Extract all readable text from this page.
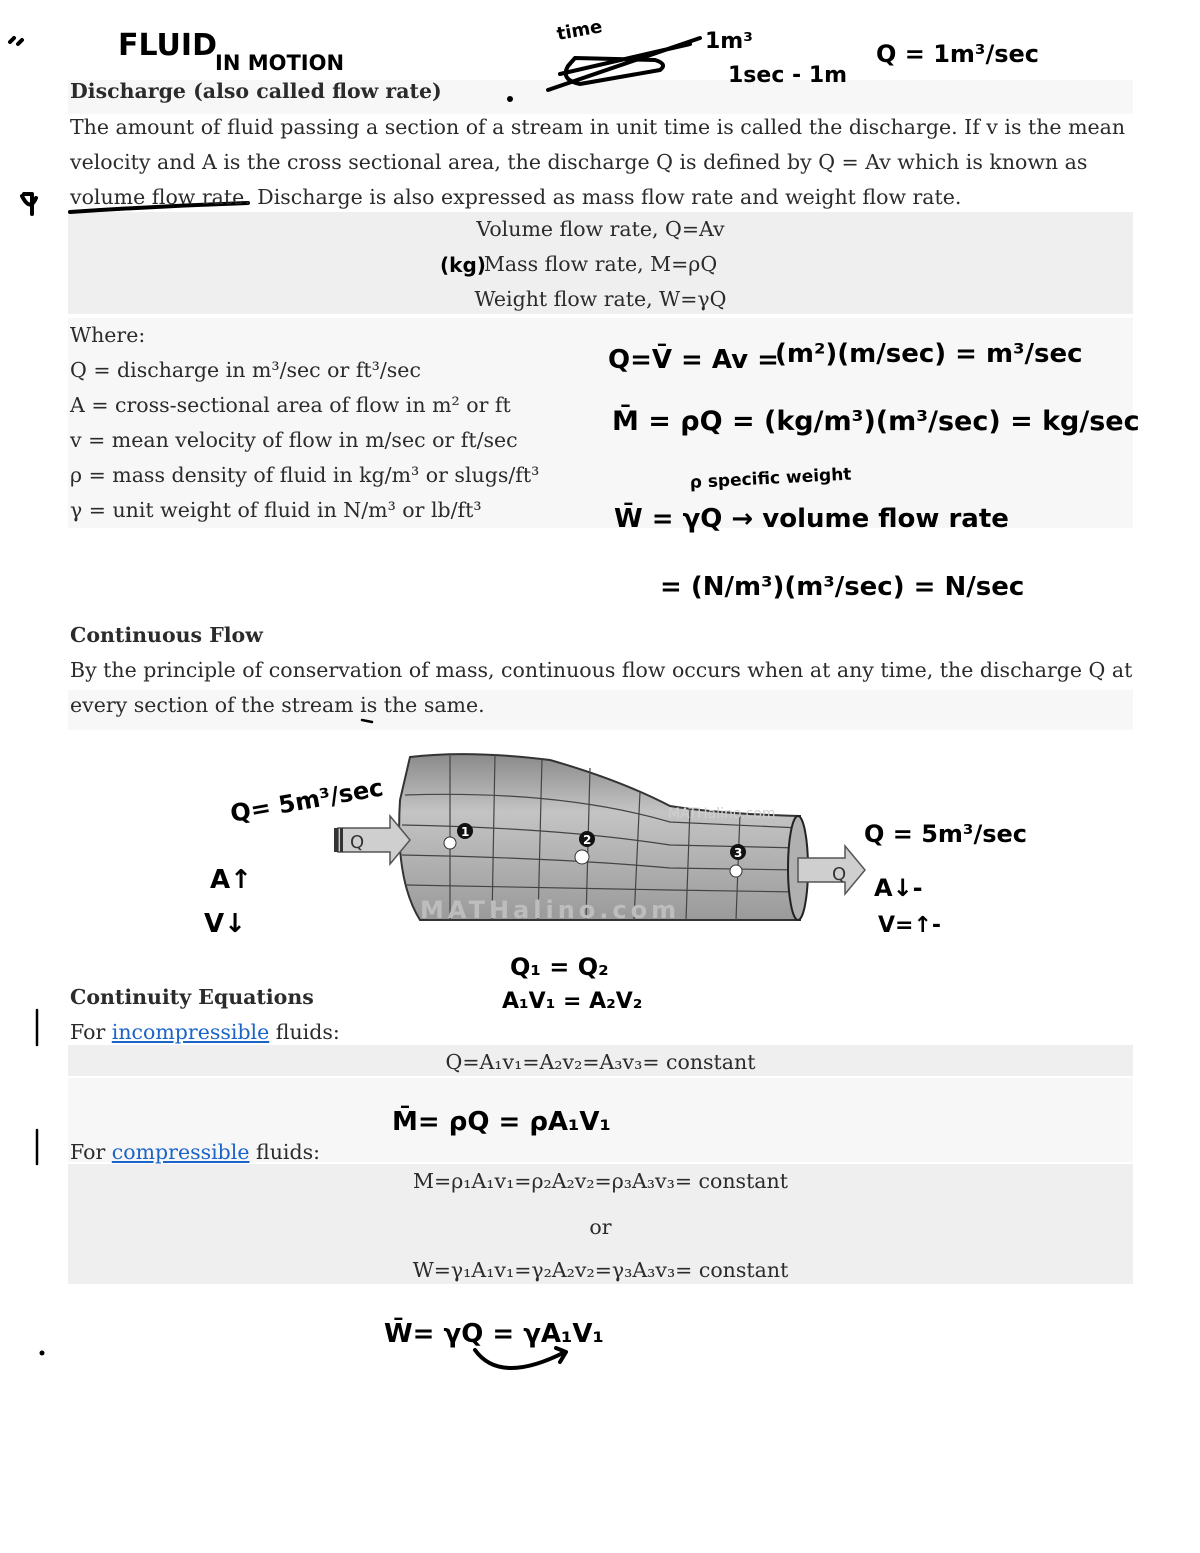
FLUID
IN MOTION
time	1m³
1sec - 1m
Q = 1m³/sec
(kg)
Q=V̄ = Av =
(m²)(m/sec) = m³/sec
M̄ = ρQ = (kg/m³)(m³/sec) = kg/sec
ρ specific weight
W̄ = γQ → volume flow rate
= (N/m³)(m³/sec) = N/sec
Q= 5m³/sec
A↑
V↓
Q = 5m³/sec
A↓-
V=↑-
Q₁ = Q₂
A₁V₁ = A₂V₂
M̄= ρQ = ρA₁V₁
W̄= γQ = γA₁V₁
Discharge (also called flow rate)
The amount of fluid passing a section of a stream in unit time is called the discharge. If v is the mean
velocity and A is the cross sectional area, the discharge Q is defined by Q = Av which is known as
volume flow rate. Discharge is also expressed as mass flow rate and weight flow rate.
Volume flow rate, Q=Av
Mass flow rate, M=ρQ
Weight flow rate, W=γQ
Where:
Q = discharge in m³/sec or ft³/sec
A = cross-sectional area of flow in m² or ft
v = mean velocity of flow in m/sec or ft/sec
ρ = mass density of fluid in kg/m³ or slugs/ft³
γ = unit weight of fluid in N/m³ or lb/ft³
Continuous Flow
By the principle of conservation of mass, continuous flow occurs when at any time, the discharge Q at
every section of the stream is the same.
Q
Q
1
2
3
MATHalino.com
MATHalino.com
Continuity Equations
For incompressible fluids:
Q=A₁v₁=A₂v₂=A₃v₃= constant
For compressible fluids:
M=ρ₁A₁v₁=ρ₂A₂v₂=ρ₃A₃v₃= constant
or
W=γ₁A₁v₁=γ₂A₂v₂=γ₃A₃v₃= constant
